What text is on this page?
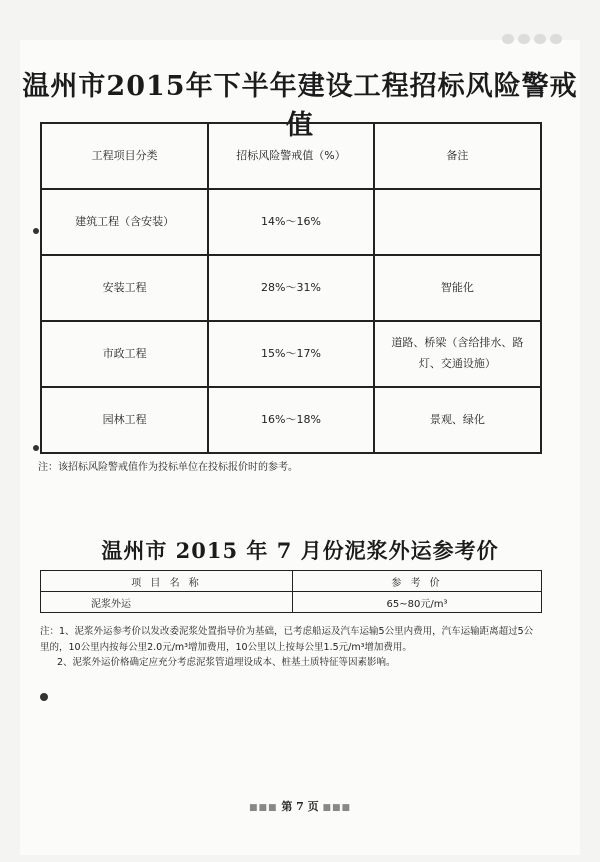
温州市2015年下半年建设工程招标风险警戒值
工程项目分类	招标风险警戒值（%）	备注
建筑工程（含安装）	14%～16%	
安装工程	28%～31%	智能化
市政工程	15%～17%	道路、桥梁（含给排水、路灯、交通设施）
园林工程	16%～18%	景观、绿化
注：该招标风险警戒值作为投标单位在投标报价时的参考。
温州市 2015 年 7 月份泥浆外运参考价
项 目 名 称	参 考 价
泥浆外运	65~80元/m³

注：1、泥浆外运参考价以发改委泥浆处置指导价为基础，已考虑船运及汽车运输5公里内费用，汽车运输距离超过5公里的，10公里内按每公里2.0元/m³增加费用，10公里以上按每公里1.5元/m³增加费用。

2、泥浆外运价格确定应充分考虑泥浆管道埋设成本、桩基土质特征等因素影响。

■■■ 第 7 页 ■■■
